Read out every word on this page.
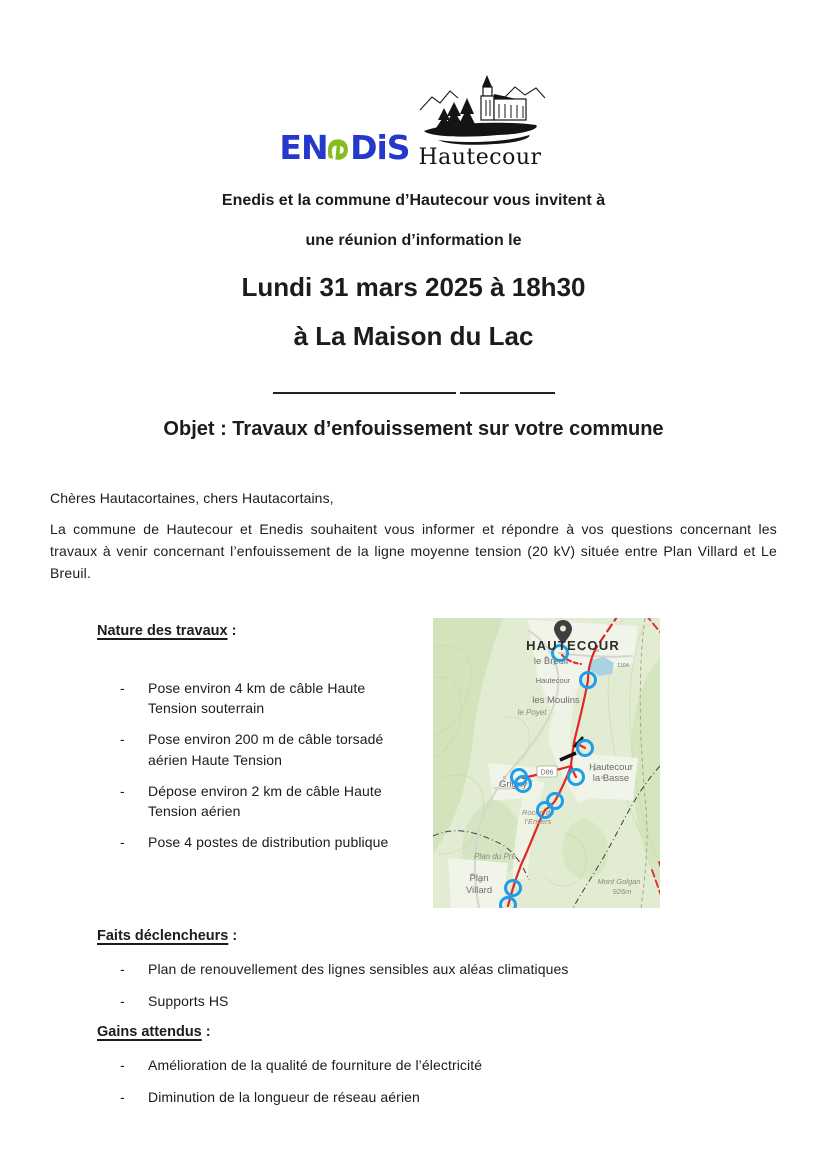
ENeDiS Hautecour
Enedis et la commune d’Hautecour vous invitent à
une réunion d’information le
Lundi 31 mars 2025 à 18h30
à La Maison du Lac
Objet : Travaux d’enfouissement sur votre commune
Chères Hautacortaines, chers Hautacortains,
La commune de Hautecour et Enedis souhaitent vous informer et répondre à vos questions concernant les travaux à venir concernant l’enfouissement de la ligne moyenne tension (20 kV) située entre Plan Villard et Le Breuil.
Nature des travaux :
-	Pose environ 4 km de câble Haute Tension souterrain
-	Pose environ 200 m de câble torsadé aérien Haute Tension
-	Dépose environ 2 km de câble Haute Tension aérien
-	Pose 4 postes de distribution publique
D86
le Breuil
Hautecour
les Moulins
le Poyet
1104
Hautecour
la Basse
Grigny
Roche de
l’Envers
Plan du Pré
Plan
Villard
Mont Golgan
926m
HAUTECOUR
Faits déclencheurs :
-	Plan de renouvellement des lignes sensibles aux aléas climatiques
-	Supports HS
Gains attendus :
-	Amélioration de la qualité de fourniture de l’électricité
-	Diminution de la longueur de réseau aérien
